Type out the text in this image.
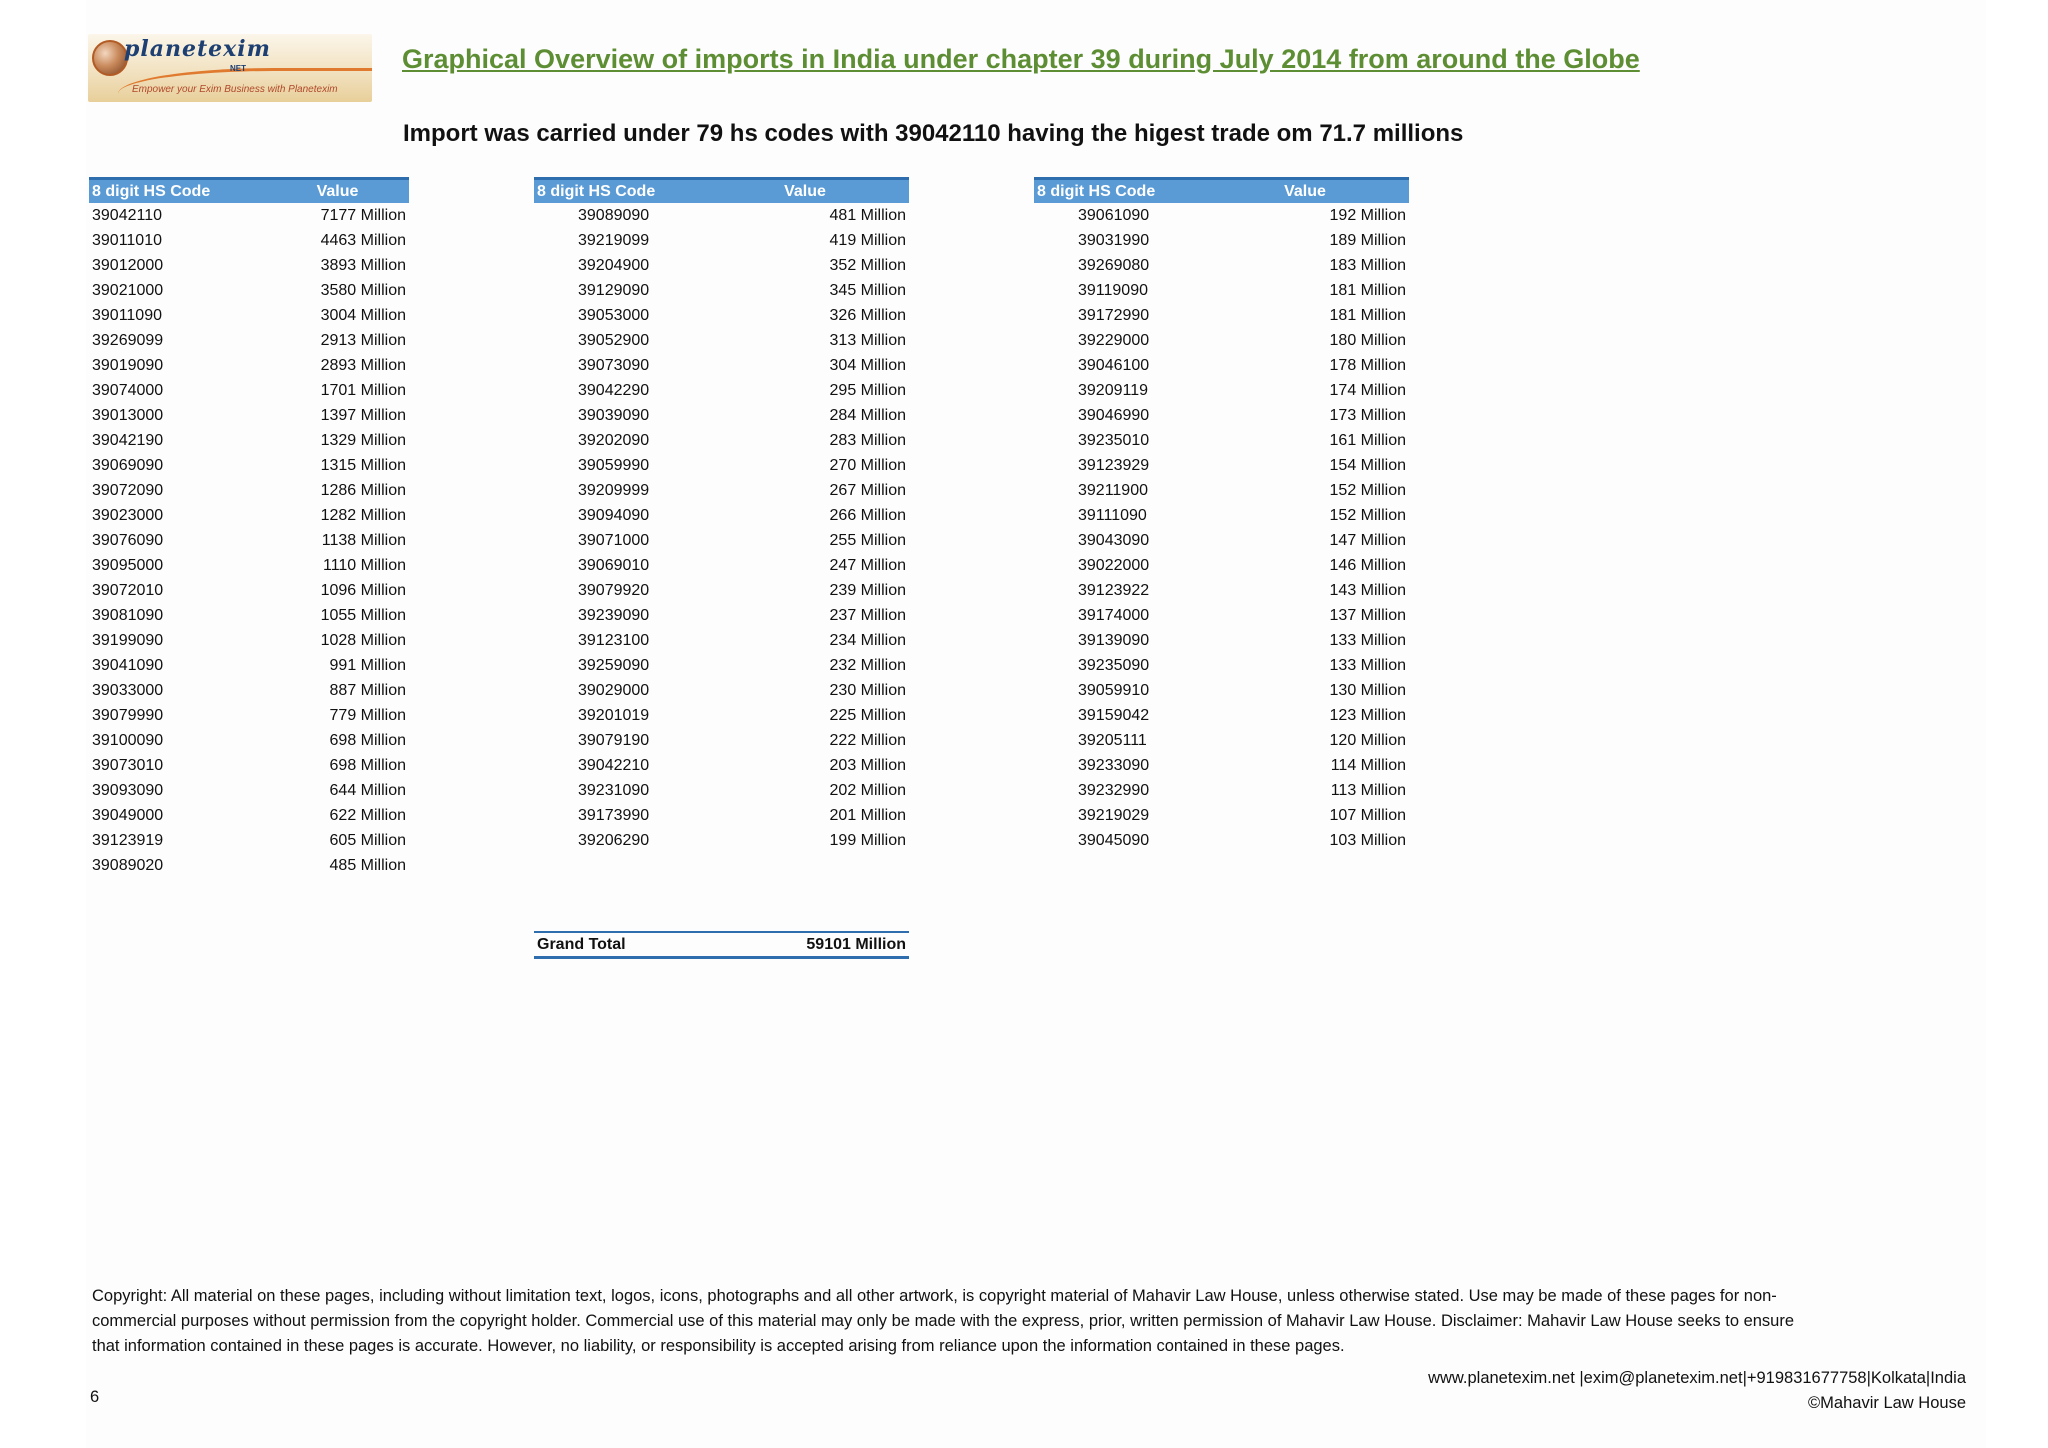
planetexim
NET
Empower your Exim Business with Planetexim
Graphical Overview of imports in India under chapter 39 during July 2014 from around the Globe
Import was carried under 79 hs codes with 39042110 having the higest trade om 71.7 millions
8 digit HS Code	Value
39042110	7177 Million
39011010	4463 Million
39012000	3893 Million
39021000	3580 Million
39011090	3004 Million
39269099	2913 Million
39019090	2893 Million
39074000	1701 Million
39013000	1397 Million
39042190	1329 Million
39069090	1315 Million
39072090	1286 Million
39023000	1282 Million
39076090	1138 Million
39095000	1110 Million
39072010	1096 Million
39081090	1055 Million
39199090	1028 Million
39041090	991 Million
39033000	887 Million
39079990	779 Million
39100090	698 Million
39073010	698 Million
39093090	644 Million
39049000	622 Million
39123919	605 Million
39089020	485 Million
8 digit HS Code	Value
39089090	481 Million
39219099	419 Million
39204900	352 Million
39129090	345 Million
39053000	326 Million
39052900	313 Million
39073090	304 Million
39042290	295 Million
39039090	284 Million
39202090	283 Million
39059990	270 Million
39209999	267 Million
39094090	266 Million
39071000	255 Million
39069010	247 Million
39079920	239 Million
39239090	237 Million
39123100	234 Million
39259090	232 Million
39029000	230 Million
39201019	225 Million
39079190	222 Million
39042210	203 Million
39231090	202 Million
39173990	201 Million
39206290	199 Million
8 digit HS Code	Value
39061090	192 Million
39031990	189 Million
39269080	183 Million
39119090	181 Million
39172990	181 Million
39229000	180 Million
39046100	178 Million
39209119	174 Million
39046990	173 Million
39235010	161 Million
39123929	154 Million
39211900	152 Million
39111090	152 Million
39043090	147 Million
39022000	146 Million
39123922	143 Million
39174000	137 Million
39139090	133 Million
39235090	133 Million
39059910	130 Million
39159042	123 Million
39205111	120 Million
39233090	114 Million
39232990	113 Million
39219029	107 Million
39045090	103 Million
Grand Total	59101 Million
Copyright: All material on these pages, including without limitation text, logos, icons, photographs and all other artwork, is copyright material of Mahavir Law House, unless otherwise stated. Use may be made of these pages for non-commercial purposes without permission from the copyright holder. Commercial use of this material may only be made with the express, prior, written permission of Mahavir Law House. Disclaimer: Mahavir Law House seeks to ensure that information contained in these pages is accurate. However, no liability, or responsibility is accepted arising from reliance upon the information contained in these pages.
www.planetexim.net |exim@planetexim.net|+919831677758|Kolkata|India
©Mahavir Law House
6
